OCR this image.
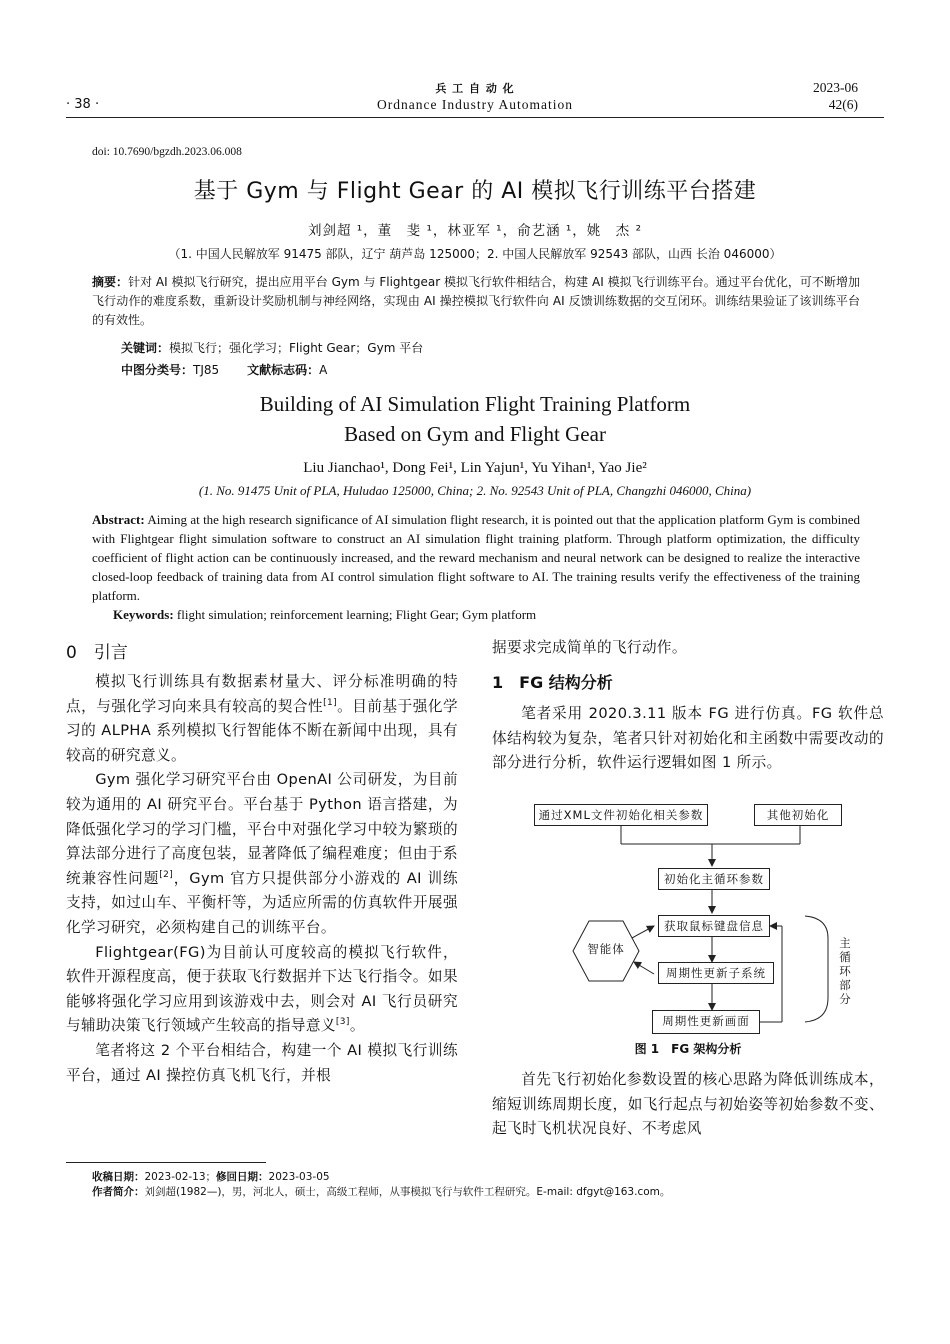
· 38 ·
兵 工 自 动 化
Ordnance Industry Automation
2023-06
42(6)
doi: 10.7690/bgzdh.2023.06.008
基于 Gym 与 Flight Gear 的 AI 模拟飞行训练平台搭建
刘剑超 ¹，董　斐 ¹，林亚军 ¹，俞艺涵 ¹，姚　杰 ²
（1. 中国人民解放军 91475 部队，辽宁 葫芦岛 125000；2. 中国人民解放军 92543 部队，山西 长治 046000）
摘要：针对 AI 模拟飞行研究，提出应用平台 Gym 与 Flightgear 模拟飞行软件相结合，构建 AI 模拟飞行训练平台。通过平台优化，可不断增加飞行动作的难度系数，重新设计奖励机制与神经网络，实现由 AI 操控模拟飞行软件向 AI 反馈训练数据的交互闭环。训练结果验证了该训练平台的有效性。
关键词：模拟飞行；强化学习；Flight Gear；Gym 平台
中图分类号：TJ85 文献标志码：A
Building of AI Simulation Flight Training Platform
Based on Gym and Flight Gear
Liu Jianchao¹, Dong Fei¹, Lin Yajun¹, Yu Yihan¹, Yao Jie²
(1. No. 91475 Unit of PLA, Huludao 125000, China; 2. No. 92543 Unit of PLA, Changzhi 046000, China)
Abstract: Aiming at the high research significance of AI simulation flight research, it is pointed out that the application platform Gym is combined with Flightgear flight simulation software to construct an AI simulation flight training platform. Through platform optimization, the difficulty coefficient of flight action can be continuously increased, and the reward mechanism and neural network can be designed to realize the interactive closed-loop feedback of training data from AI control simulation flight software to AI. The training results verify the effectiveness of the training platform.
Keywords: flight simulation; reinforcement learning; Flight Gear; Gym platform
0　引言

模拟飞行训练具有数据素材量大、评分标准明确的特点，与强化学习向来具有较高的契合性[1]。目前基于强化学习的 ALPHA 系列模拟飞行智能体不断在新闻中出现，具有较高的研究意义。

Gym 强化学习研究平台由 OpenAI 公司研发，为目前较为通用的 AI 研究平台。平台基于 Python 语言搭建，为降低强化学习的学习门槛，平台中对强化学习中较为繁琐的算法部分进行了高度包装，显著降低了编程难度；但由于系统兼容性问题[2]，Gym 官方只提供部分小游戏的 AI 训练支持，如过山车、平衡杆等，为适应所需的仿真软件开展强化学习研究，必须构建自己的训练平台。

Flightgear(FG)为目前认可度较高的模拟飞行软件，软件开源程度高，便于获取飞行数据并下达飞行指令。如果能够将强化学习应用到该游戏中去，则会对 AI 飞行员研究与辅助决策飞行领域产生较高的指导意义[3]。

笔者将这 2 个平台相结合，构建一个 AI 模拟飞行训练平台，通过 AI 操控仿真飞机飞行，并根

据要求完成简单的飞行动作。
1　FG 结构分析

笔者采用 2020.3.11 版本 FG 进行仿真。FG 软件总体结构较为复杂，笔者只针对初始化和主函数中需要改动的部分进行分析，软件运行逻辑如图 1 所示。

通过XML文件初始化相关参数	其他初始化
初始化主循环参数
获取鼠标键盘信息
智能体
周期性更新子系统
周期性更新画面
主循环部分
图 1　FG 架构分析

首先飞行初始化参数设置的核心思路为降低训练成本，缩短训练周期长度，如飞行起点与初始姿等初始参数不变、起飞时飞机状况良好、不考虑风

收稿日期：2023-02-13；修回日期：2023-03-05
作者简介：刘剑超(1982—)，男，河北人，硕士，高级工程师，从事模拟飞行与软件工程研究。E-mail: dfgyt@163.com。
